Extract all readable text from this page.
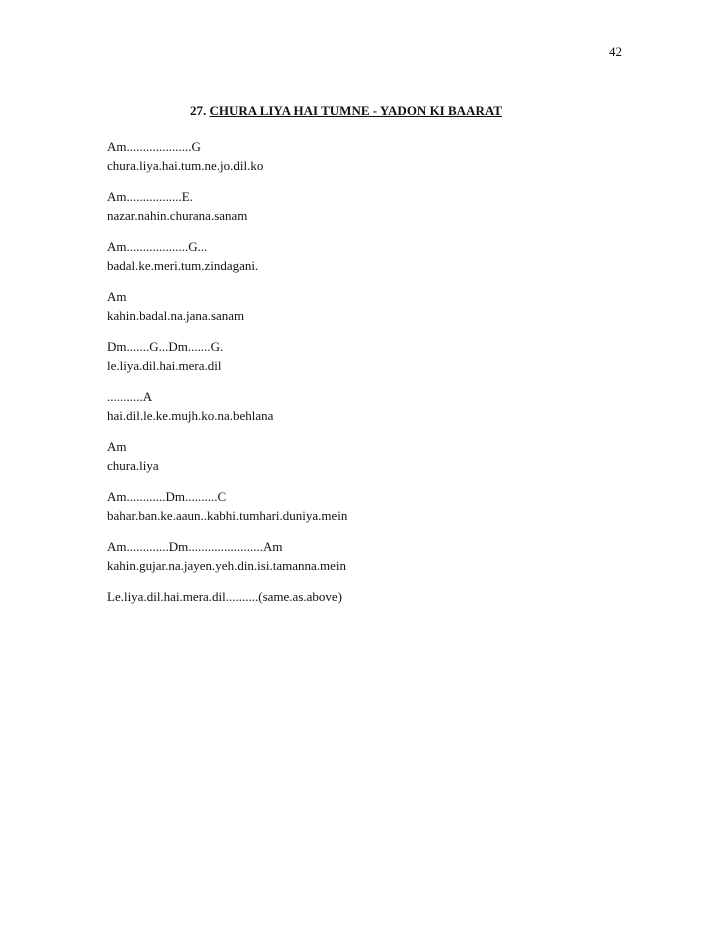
42
27. CHURA LIYA HAI TUMNE - YADON KI BAARAT
Am....................G
chura.liya.hai.tum.ne.jo.dil.ko
Am.................E.
nazar.nahin.churana.sanam
Am...................G...
badal.ke.meri.tum.zindagani.
Am
kahin.badal.na.jana.sanam
Dm.......G...Dm.......G.
le.liya.dil.hai.mera.dil
...........A
hai.dil.le.ke.mujh.ko.na.behlana
Am
chura.liya
Am............Dm..........C
bahar.ban.ke.aaun..kabhi.tumhari.duniya.mein
Am.............Dm.......................Am
kahin.gujar.na.jayen.yeh.din.isi.tamanna.mein
Le.liya.dil.hai.mera.dil..........(same.as.above)
